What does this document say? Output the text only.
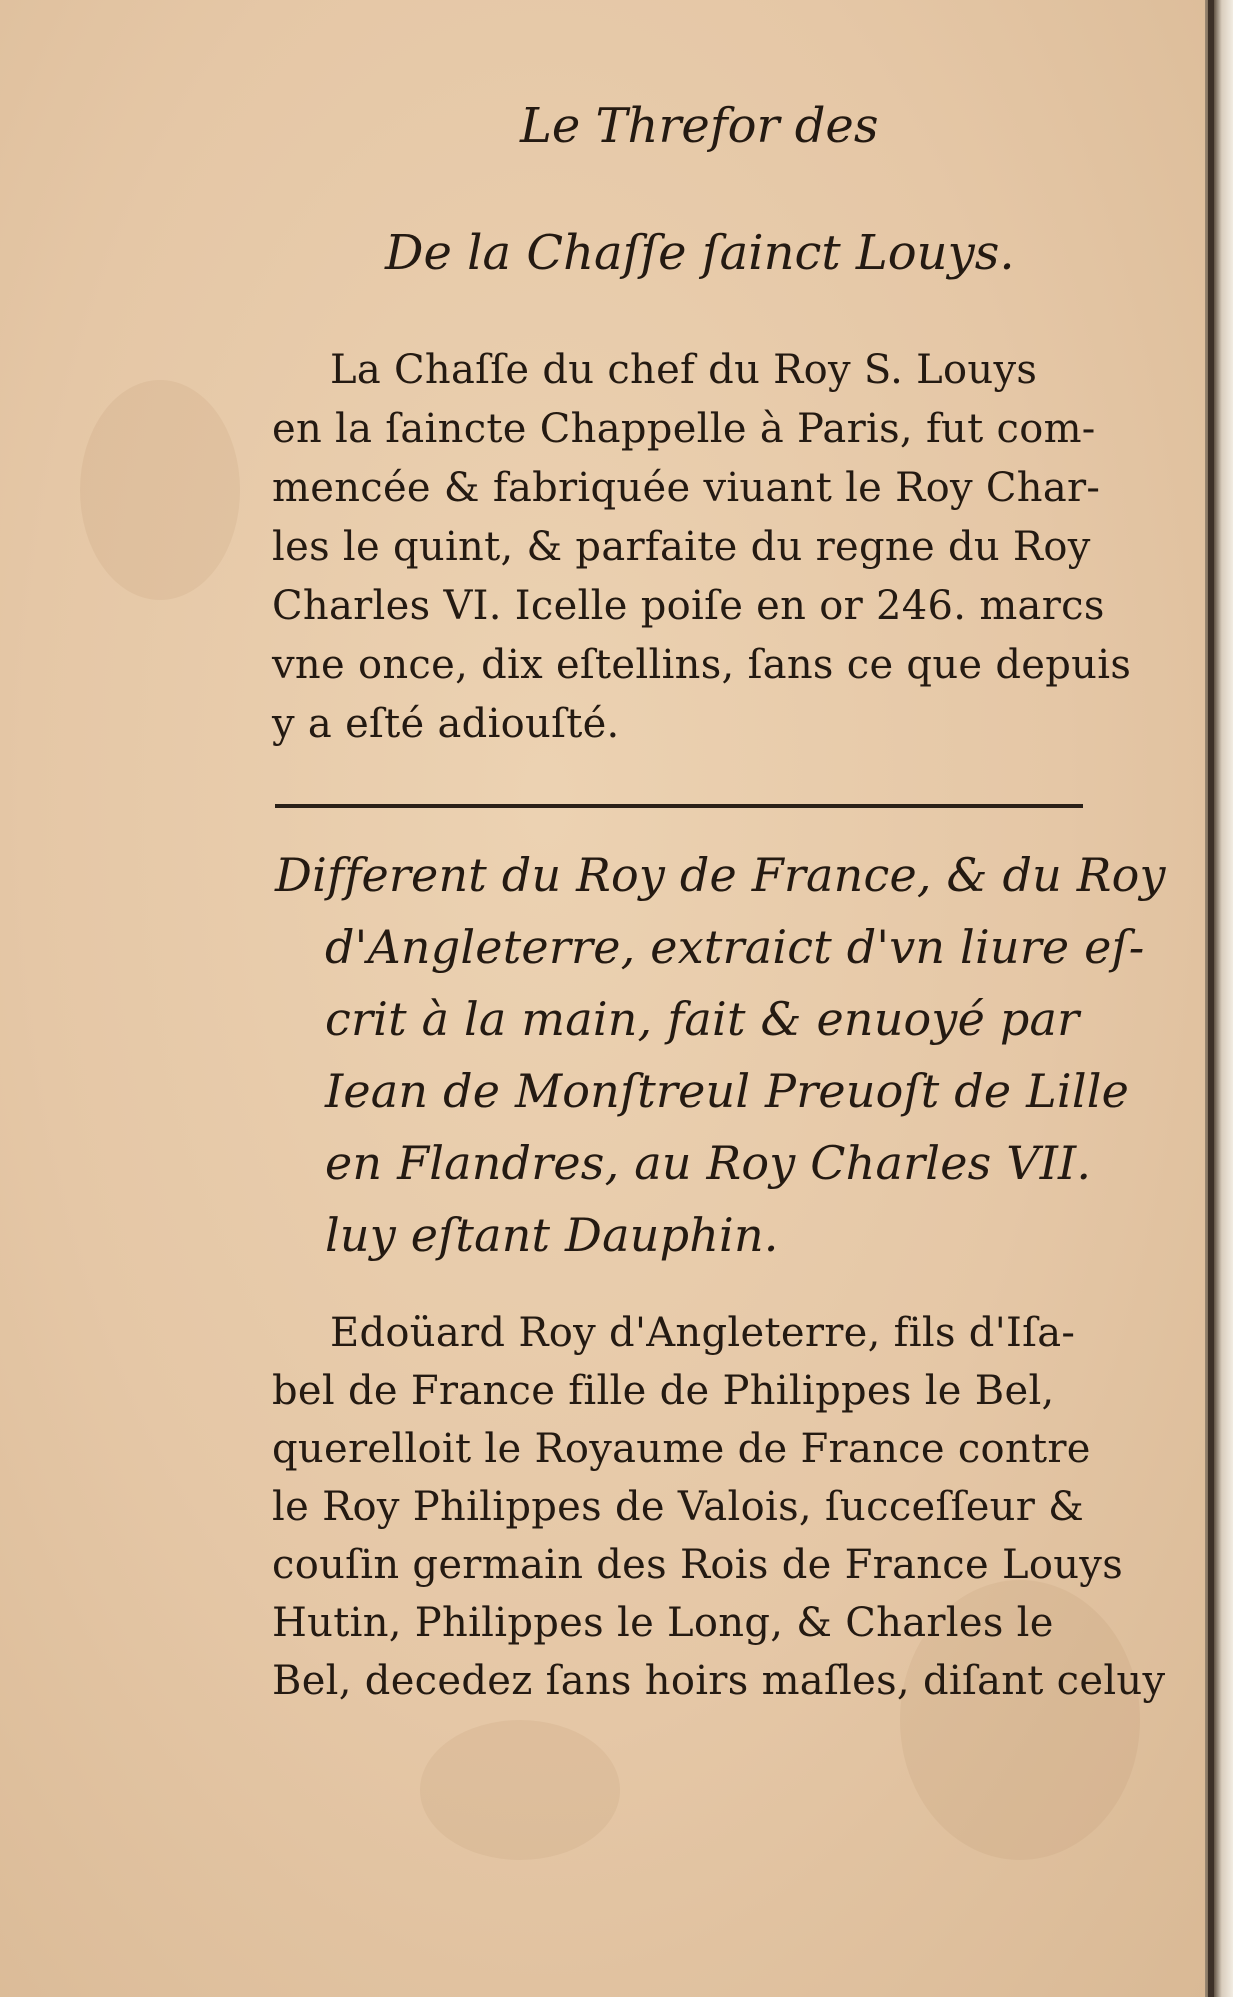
Le Threfor des
De la Chaſſe ſainct Louys.
La Chaſſe du chef du Roy S. Louys
en la ſaincte Chappelle à Paris, fut com-
mencée & fabriquée viuant le Roy Char-
les le quint, & parfaite du regne du Roy
Charles VI. Icelle poiſe en or 246. marcs
vne once, dix eſtellins, ſans ce que depuis
y a eſté adiouſté.
Different du Roy de France, & du Roy
d'Angleterre, extraict d'vn liure eſ-
crit à la main, fait & enuoyé par
Iean de Monſtreul Preuoſt de Lille
en Flandres, au Roy Charles VII.
luy eſtant Dauphin.
Edoüard Roy d'Angleterre, fils d'Iſa-
bel de France fille de Philippes le Bel,
querelloit le Royaume de France contre
le Roy Philippes de Valois, ſucceſſeur &
couſin germain des Rois de France Louys
Hutin, Philippes le Long, & Charles le
Bel, decedez ſans hoirs maſles, diſant celuy
